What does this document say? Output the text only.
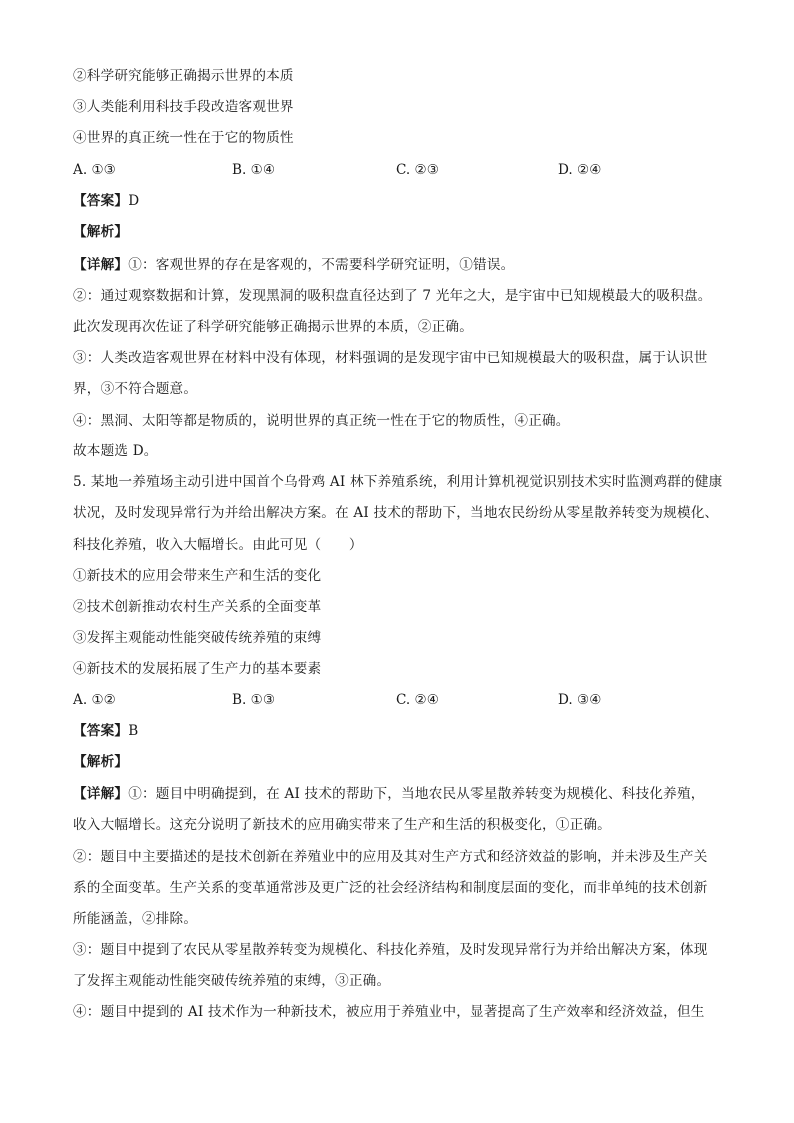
②科学研究能够正确揭示世界的本质
③人类能利用科技手段改造客观世界
④世界的真正统一性在于它的物质性
A. ①③	B. ①④	C. ②③	D. ②④
【答案】D
【解析】
【详解】①：客观世界的存在是客观的，不需要科学研究证明，①错误。
②：通过观察数据和计算，发现黑洞的吸积盘直径达到了 7 光年之大，是宇宙中已知规模最大的吸积盘。
此次发现再次佐证了科学研究能够正确揭示世界的本质，②正确。
③：人类改造客观世界在材料中没有体现，材料强调的是发现宇宙中已知规模最大的吸积盘，属于认识世
界，③不符合题意。
④：黑洞、太阳等都是物质的，说明世界的真正统一性在于它的物质性，④正确。
故本题选 D。
5. 某地一养殖场主动引进中国首个乌骨鸡 AI 林下养殖系统，利用计算机视觉识别技术实时监测鸡群的健康
状况，及时发现异常行为并给出解决方案。在 AI 技术的帮助下，当地农民纷纷从零星散养转变为规模化、
科技化养殖，收入大幅增长。由此可见（　　）
①新技术的应用会带来生产和生活的变化
②技术创新推动农村生产关系的全面变革
③发挥主观能动性能突破传统养殖的束缚
④新技术的发展拓展了生产力的基本要素
A. ①②	B. ①③	C. ②④	D. ③④
【答案】B
【解析】
【详解】①：题目中明确提到，在 AI 技术的帮助下，当地农民从零星散养转变为规模化、科技化养殖，
收入大幅增长。这充分说明了新技术的应用确实带来了生产和生活的积极变化，①正确。
②：题目中主要描述的是技术创新在养殖业中的应用及其对生产方式和经济效益的影响，并未涉及生产关
系的全面变革。生产关系的变革通常涉及更广泛的社会经济结构和制度层面的变化，而非单纯的技术创新
所能涵盖，②排除。
③：题目中提到了农民从零星散养转变为规模化、科技化养殖，及时发现异常行为并给出解决方案，体现
了发挥主观能动性能突破传统养殖的束缚，③正确。
④：题目中提到的 AI 技术作为一种新技术，被应用于养殖业中，显著提高了生产效率和经济效益，但生
